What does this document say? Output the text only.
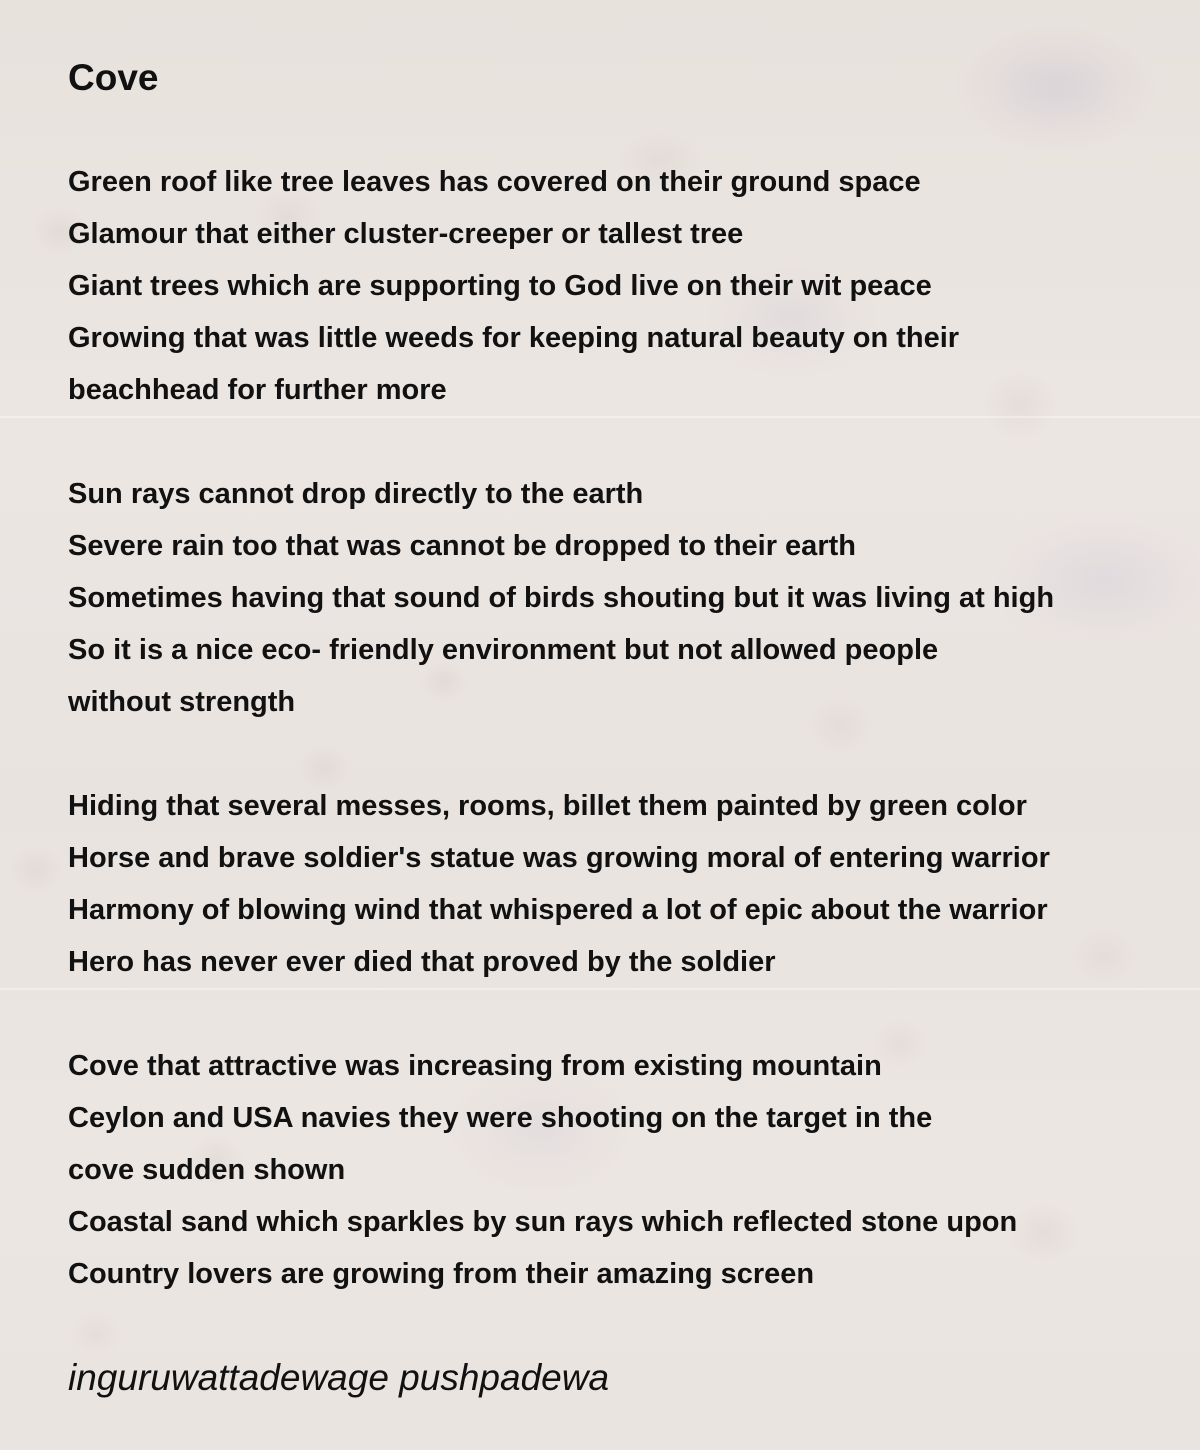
Cove
Green roof like tree leaves has covered on their ground space
Glamour that either cluster-creeper or tallest tree
Giant trees which are supporting to God live on their wit peace
Growing that was little weeds for keeping natural beauty on their
beachhead for further more
Sun rays cannot drop directly to the earth
Severe rain too that was cannot be dropped to their earth
Sometimes having that sound of birds shouting but it was living at high
So it is a nice eco- friendly environment but not allowed people
without strength
Hiding that several messes, rooms, billet them painted by green color
Horse and brave soldier's statue was growing moral of entering warrior
Harmony of blowing wind that whispered a lot of epic about the warrior
Hero has never ever died that proved by the soldier
Cove that attractive was increasing from existing mountain
Ceylon and USA navies they were shooting on the target in the
cove sudden shown
Coastal sand which sparkles by sun rays which reflected stone upon
Country lovers are growing from their amazing screen
inguruwattadewage pushpadewa
